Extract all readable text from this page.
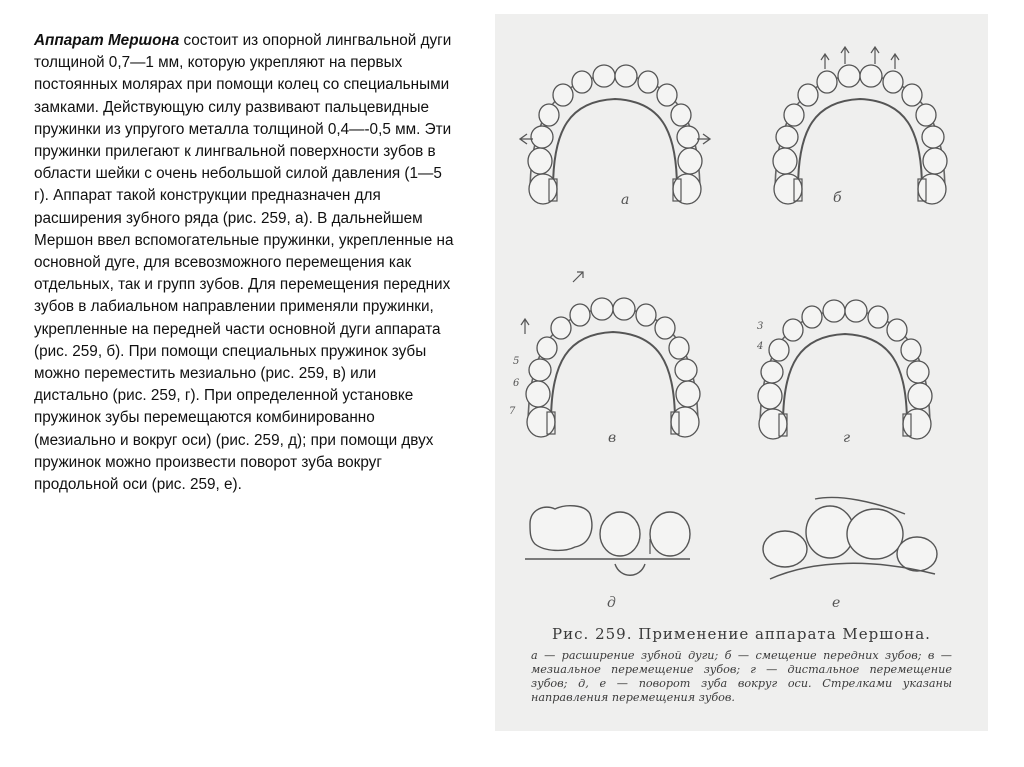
Аппарат Мершона состоит из опорной лингвальной дуги толщиной 0,7—1 мм, которую укрепляют на первых постоянных молярах при помощи колец со специальными замками. Действующую силу развивают пальцевидные пружинки из упругого металла толщиной 0,4—-0,5 мм. Эти пружинки прилегают к лингвальной поверхности зубов в области шейки с очень небольшой силой давления (1—5 г). Аппарат такой конструкции предназначен для расширения зубного ряда (рис. 259, а). В дальнейшем Мершон ввел вспомогательные пружинки, укрепленные на основной дуге, для всевозможного перемещения как отдельных, так и групп зубов. Для перемещения передних зубов в лабиальном направлении применяли пружинки, укрепленные на передней части основной дуги аппарата (рис. 259, б). При помощи специальных пружинок зубы можно переместить мезиально (рис. 259, в) или дистально (рис. 259, г). При определенной установке пружинок зубы перемещаются комбинированно (мезиально и вокруг оси) (рис. 259, д); при помощи двух пружинок можно произвести поворот зуба вокруг продольной оси (рис. 259, е).
а	б
5
6
7
в
3
4
г
д	е
Рис. 259. Применение аппарата Мершона.
а — расширение зубной дуги; б — смещение передних зубов; в — мезиальное перемещение зубов; г — дистальное перемещение зубов; д, е — поворот зуба вокруг оси. Стрелками указаны направления перемещения зубов.
